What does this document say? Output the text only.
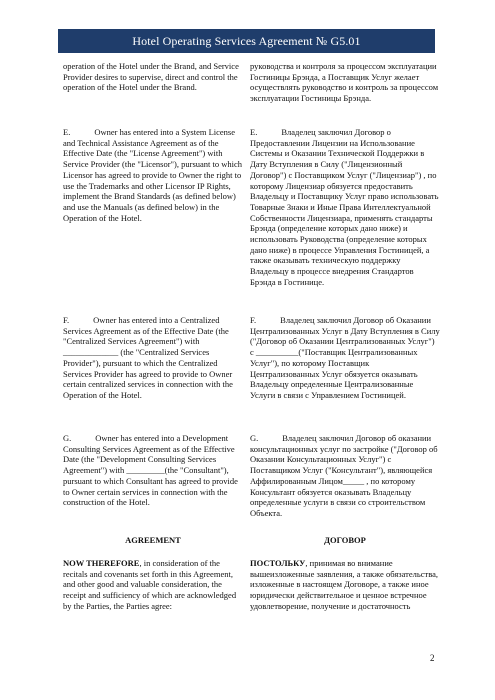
Hotel Operating Services Agreement № G5.01

operation of the Hotel under the Brand, and Service Provider desires to supervise, direct and control the operation of the Hotel under the Brand.

E.	Owner has entered into a System License and Technical Assistance Agreement as of the Effective Date (the "License Agreement") with Service Provider (the "Licensor"), pursuant to which Licensor has agreed to provide to Owner the right to use the Trademarks and other Licensor IP Rights, implement the Brand Standards (as defined below) and use the Manuals (as defined below) in the Operation of the Hotel.

F.	Owner has entered into a Centralized Services Agreement as of the Effective Date (the "Centralized Services Agreement") with _____________ (the "Centralized Services Provider"), pursuant to which the Centralized Services Provider has agreed to provide to Owner certain centralized services in connection with the Operation of the Hotel.

G.	Owner has entered into a Development Consulting Services Agreement as of the Effective Date (the "Development Consulting Services Agreement") with _________(the "Consultant"), pursuant to which Consultant has agreed to provide to Owner certain services in connection with the construction of the Hotel.

AGREEMENT

NOW THEREFORE, in consideration of the recitals and covenants set forth in this Agreement, and other good and valuable consideration, the receipt and sufficiency of which are acknowledged by the Parties, the Parties agree:

руководства и контроля за процессом эксплуатации Гостиницы Брэнда, а Поставщик Услуг желает осуществлять руководство и контроль за процессом эксплуатации Гостиницы Брэнда.

E.	Владелец заключил Договор о Предоставлении Лицензии на Использование Системы и Оказании Технической Поддержки в Дату Вступления в Силу ("Лицензионный Договор") с Поставщиком Услуг ("Лицензиар") , по которому Лицензиар обязуется предоставить Владельцу и Поставщику Услуг право использовать Товарные Знаки и Иные Права Интеллектуальной Собственности Лицензиара, применять стандарты Брэнда (определение которых дано ниже) и использовать Руководства (определение которых дано ниже) в процессе Управления Гостиницей, а также оказывать техническую поддержку Владельцу в процессе внедрения Стандартов Брэнда в Гостинице.

F.	Владелец заключил Договор об Оказании Централизованных Услуг в Дату Вступления в Силу ("Договор об Оказании Централизованных Услуг") с __________("Поставщик Централизованных Услуг"), по которому Поставщик Централизованных Услуг обязуется оказывать Владельцу определенные Централизованные Услуги в связи с Управлением Гостиницей.

G.	Владелец заключил Договор об оказании консультационных услуг по застройке ("Договор об Оказании Консультационных Услуг") с Поставщиком Услуг ("Консультант"), являющейся Аффилированным Лицом_____ , по которому Консультант обязуется оказывать Владельцу определенные услуги в связи со строительством Объекта.

ДОГОВОР

ПОСТОЛЬКУ, принимая во внимание вышеизложенные заявления, а также обязательства, изложенные в настоящем Договоре, а также иное юридически действительное и ценное встречное удовлетворение, получение и достаточность

2
